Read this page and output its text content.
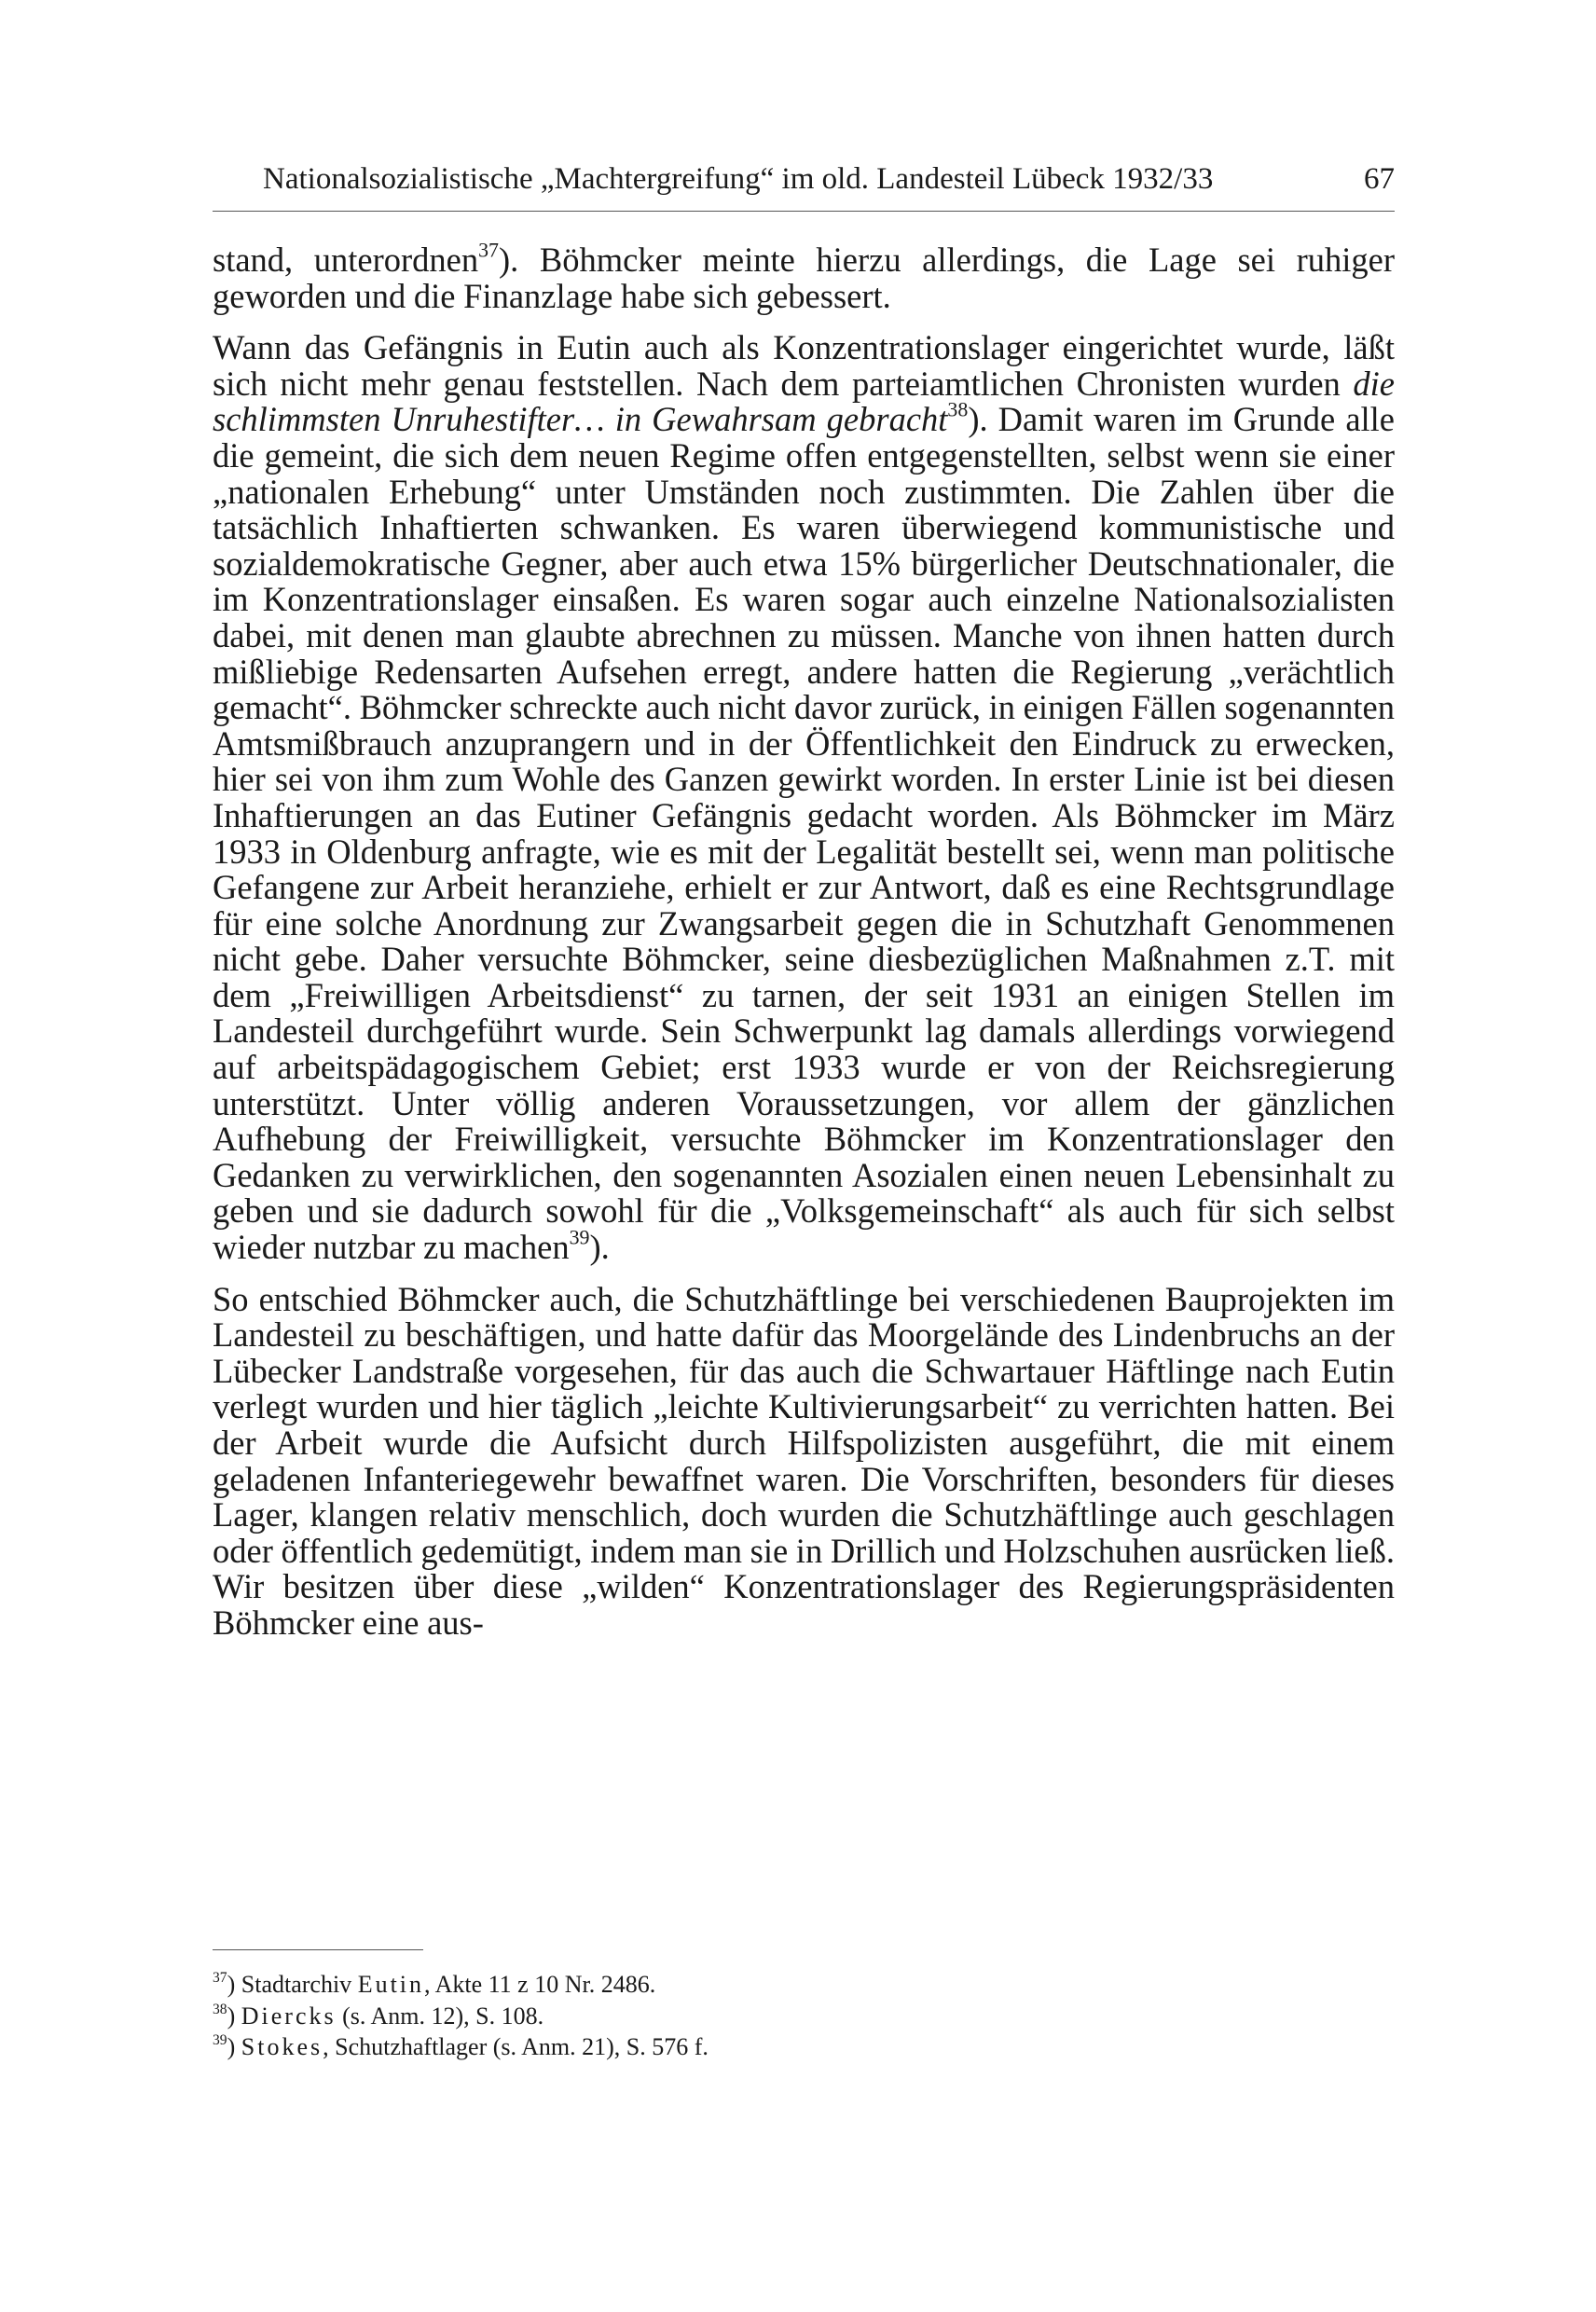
Nationalsozialistische „Machtergreifung“ im old. Landesteil Lübeck 1932/33	67

stand, unterordnen$^{37}$). Böhmcker meinte hierzu allerdings, die Lage sei ruhiger geworden und die Finanzlage habe sich gebessert.

Wann das Gefängnis in Eutin auch als Konzentrationslager eingerichtet wurde, läßt sich nicht mehr genau feststellen. Nach dem parteiamtlichen Chronisten wurden die schlimmsten Unruhestifter… in Gewahrsam gebracht$^{38}$). Damit waren im Grunde alle die gemeint, die sich dem neuen Regime offen entgegenstellten, selbst wenn sie einer „nationalen Erhebung“ unter Umständen noch zustimmten. Die Zahlen über die tatsächlich Inhaftierten schwanken. Es waren überwiegend kommunistische und sozialdemokratische Gegner, aber auch etwa 15% bürgerlicher Deutschnationaler, die im Konzentrationslager einsaßen. Es waren sogar auch einzelne Nationalsozialisten dabei, mit denen man glaubte abrechnen zu müssen. Manche von ihnen hatten durch mißliebige Redensarten Aufsehen erregt, andere hatten die Regierung „verächtlich gemacht“. Böhmcker schreckte auch nicht davor zurück, in einigen Fällen sogenannten Amtsmißbrauch anzuprangern und in der Öffentlichkeit den Eindruck zu erwecken, hier sei von ihm zum Wohle des Ganzen gewirkt worden. In erster Linie ist bei diesen Inhaftierungen an das Eutiner Gefängnis gedacht worden. Als Böhmcker im März 1933 in Oldenburg anfragte, wie es mit der Legalität bestellt sei, wenn man politische Gefangene zur Arbeit heranziehe, erhielt er zur Antwort, daß es eine Rechtsgrundlage für eine solche Anordnung zur Zwangsarbeit gegen die in Schutzhaft Genommenen nicht gebe. Daher versuchte Böhmcker, seine diesbezüglichen Maßnahmen z.T. mit dem „Freiwilligen Arbeitsdienst“ zu tarnen, der seit 1931 an einigen Stellen im Landesteil durchgeführt wurde. Sein Schwerpunkt lag damals allerdings vorwiegend auf arbeitspädagogischem Gebiet; erst 1933 wurde er von der Reichsregierung unterstützt. Unter völlig anderen Voraussetzungen, vor allem der gänzlichen Aufhebung der Freiwilligkeit, versuchte Böhmcker im Konzentrationslager den Gedanken zu verwirklichen, den sogenannten Asozialen einen neuen Lebensinhalt zu geben und sie dadurch sowohl für die „Volksgemeinschaft“ als auch für sich selbst wieder nutzbar zu machen$^{39}$).

So entschied Böhmcker auch, die Schutzhäftlinge bei verschiedenen Bauprojekten im Landesteil zu beschäftigen, und hatte dafür das Moorgelände des Lindenbruchs an der Lübecker Landstraße vorgesehen, für das auch die Schwartauer Häftlinge nach Eutin verlegt wurden und hier täglich „leichte Kultivierungsarbeit“ zu verrichten hatten. Bei der Arbeit wurde die Aufsicht durch Hilfspolizisten ausgeführt, die mit einem geladenen Infanteriegewehr bewaffnet waren. Die Vorschriften, besonders für dieses Lager, klangen relativ menschlich, doch wurden die Schutzhäftlinge auch geschlagen oder öffentlich gedemütigt, indem man sie in Drillich und Holzschuhen ausrücken ließ. Wir besitzen über diese „wilden“ Konzentrationslager des Regierungspräsidenten Böhmcker eine aus-

$^{37}$) Stadtarchiv Eutin, Akte 11 z 10 Nr. 2486.

$^{38}$) Diercks (s. Anm. 12), S. 108.

$^{39}$) Stokes, Schutzhaftlager (s. Anm. 21), S. 576 f.
